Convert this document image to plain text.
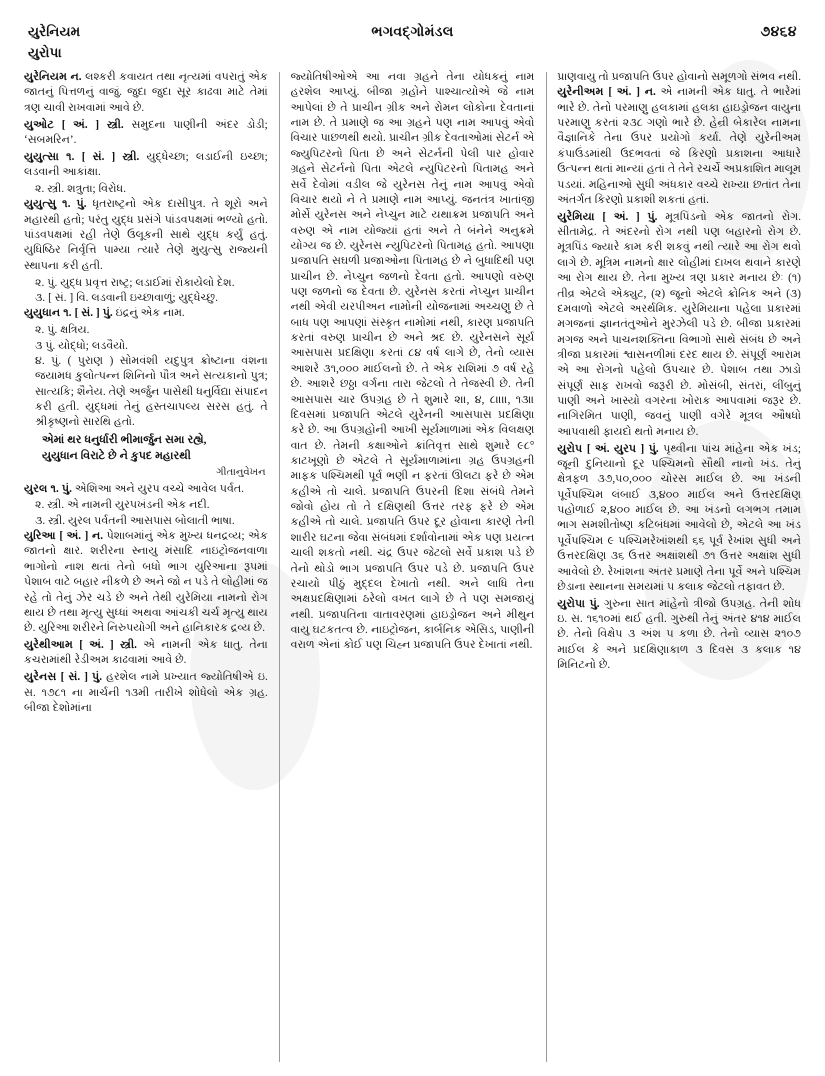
યુરેનિયમ
યુરોપા
ભગવદ્ગોમંડલ	૭૪૬૪

યુરેનિયમ ન. લશ્કરી કવાયત તથા નૃત્યમાં વપરાતું એક જાતનું પિત્તળનું વાજું. જુદા જુદા સૂર કાઢવા માટે તેમાં ત્રણ ચાવી રાખવામાં આવે છે.

યુઓટ [ અં. ] સ્ત્રી. સમુદના પાણીની અંદર ડોડી; ‘સબમરિન’.

યુયુત્સા ૧. [ સં. ] સ્ત્રી. યુદ્ધેચ્છા; લડાઈની ઇચ્છા; લડવાની આકાંક્ષા.

૨. સ્ત્રી. શત્રુતા; વિરોધ.

યુયુત્સુ ૧. પું. ધૃતરાષ્ટ્રનો એક દાસીપુત્ર. તે શૂરો અને મહારથી હતો; પરંતુ યુદ્ધ પ્રસંગે પાંડવપક્ષમાં ભળ્યો હતો. પાંડવપક્ષમાં રહી તેણે ઉલૂકની સાથે યુદ્ધ કર્યું હતું. યુધિષ્ઠિર નિર્વૃત્તિ પામ્યા ત્યારે તેણે મુયુત્સુ રાજ્યની સ્થાપના કરી હતી.

૨. પું. યુદ્ધ પ્રવૃત્ત રાષ્ટ્ર; લડાઈમાં રોકાયેલો દેશ.

૩. [ સં. ] વિ. લડવાની ઇચ્છાવાળું; યુદ્ધેચ્છુ.

યુયુધાન ૧. [ સં. ] પું. ઇંદ્રનું એક નામ.

૨. પું. ક્ષત્રિય.

૩ પું. યોદ્ધો; લડવૈયો.

૪. પું. ( પુરાણ ) સોમવંશી યદુપુત્ર ક્રોષ્ટાના વંશના જયામધ કુલોત્પન્ન શિનિનો પૌત્ર અને સત્યકાનો પુત્ર; સાત્યકિ; શૈનેય. તેણે અર્જુન પાસેથી ધનુર્વિદ્યા સંપાદન કરી હતી. યુદ્ધમાં તેનું હસ્તચાપલ્ય સરસ હતું. તે શ્રીકૃષ્ણનો સારથિ હતો.

એમાં થર ધનુર્ધારી ભીમાર્જુન સમા રહ્યે,
યુયુધાન વિરાટે છે ને કુપદ મહારથી
ગીતાનુવેખન

યુરલ ૧. પું. એશિઆ અને યુરપ વચ્ચે આવેલ પર્વત.

૨. સ્ત્રી. એ નામની યુરપખંડની એક નદી.

૩. સ્ત્રી. યુરલ પર્વતની આસપાસ બોલાતી ભાષા.

યુરિઆ [ અં. ] ન. પેશાબમાંનું એક મુખ્ય ધનદ્રવ્ય; એક જાતનો ક્ષાર. શરીરના સ્નાયુ મંસાદિ નાઇટ્રોજનવાળા ભાગોનો નાશ થતાં તેનો બધો ભાગ યુરિઆના રૂપમાં પેશાબ વાટે બહાર નીકળે છે અને જો ન પડે તે લોહીમાં જ રહે તો તેનું ઝેર ચડે છે અને તેથી યુરેમિયા નામનો રોગ થાય છે તથા મૃત્યુ સુધ્ધાં અથવા આંચકી ચર્ચ મૃત્યુ થાય છે. યુરિઆ શરીરને નિરુપયોગી અને હાનિકારક દ્રવ્ય છે.

યુરેથીઆમ [ અં. ] સ્ત્રી. એ નામની એક ધાતુ. તેના કચરામાંથી રેડીઅમ કાઢવામાં આવે છે.

યુરેનસ [ સં. ] પું. હરશેલ નામે પ્રખ્યાત જ્યોતિષીએ ઇ. સ. ૧૭૮૧ ના માર્ચની ૧૩મી તારીખે શોધેલો એક ગ્રહ. બીજા દેશોમાંના

જ્યોતિષીઓએ આ નવા ગ્રહને તેના યોધકનું નામ હરશેલ આપ્યું. બીજા ગ્રહોને પાશ્ચાત્યોએ જે નામ આપેલાં છે તે પ્રાચીન ગ્રીક અને રોમન લોકોના દેવતાનાં નામ છે. તે પ્રમાણે જ આ ગ્રહને પણ નામ આપવું એવો વિચાર પાછળથી થયો. પ્રાચીન ગ્રીક દેવતાઓમાં સેટર્ન એ જ્યુપિટરનો પિતા છે અને સેટર્નની પેલી પાર હોવાર ગ્રહને સેટર્નનો પિતા એટલે ન્યુપિટરનો પિતામહ અને સર્વે દેવોમાં વડીલ જે યુરેનસ તેનું નામ આપવું એવો વિચાર થયો ને તે પ્રમાણે નામ આપ્યું. જનતંત્ર ખાતાંજી મોર્સે યુરેનસ અને નેપ્ચુન માટે યથાક્રમ પ્રજાપતિ અને વરુણ એ નામ યોજ્યાં હતાં અને તે બંનેને અનુક્રમે યોગ્ય જ છે. યુરેનસ ન્યુપિટરનો પિતામહ હતો. આપણા પ્રજાપતિ સઘળી પ્રજાઓના પિતામહ છે ને બુધાદિથી પણ પ્રાચીન છે. નેપ્ચુન જળનો દેવતા હતો. આપણો વરુણ પણ જળનો જ દેવતા છે. યુરેનસ કરતાં નેપ્ચુન પ્રાચીન નથી એવી યરપીઅન નામોની યોજનામાં અચ્ચણુ છે તે બાધ પણ આપણાં સંસ્કૃત નામોમાં નથી, કારણ પ્રજાપતિ કરતાં વરુણ પ્રાચીન છે અને શ્રદ છે. યુરેનસને સૂર્ય આસપાસ પ્રદક્ષિણા કરતાં ૮૪ વર્ષ લાગે છે, તેનો વ્યાસ આશરે ૩૧,૦૦૦ માઈલનો છે. તે એક રાશિમાં ૭ વર્ષ રહે છે. આશરે છઠ્ઠા વર્ગના તારા જેટલો તે તેજસ્વી છે. તેની આસપાસ ચાર ઉપગ્રહ છે તે શુમારે ૨॥, ૪, ૮॥॥, ૧૩॥ દિવસમાં પ્રજાપતિ એટલે યુરેનની આસપાસ પ્રદક્ષિણા કરે છે. આ ઉપગ્રહોની આખી સૂર્યમાળામાં એક વિલક્ષણ વાત છે. તેમની કક્ષાઓને ક્રાંતિવૃત્ત સાથે શુમારે ૯૮° કાટખૂણો છે એટલે તે સૂર્યમાળામાંના ગ્રહ ઉપગ્રહની માફક પશ્ચિમથી પૂર્વ ભણી ન ફરતાં ઊલટા ફરે છે એમ કહીએ તો ચાલે. પ્રજાપતિ ઉપરની દિશા સંબંધે તેમને જોવો હોય તો તે દક્ષિણથી ઉત્તર તરફ ફરે છે એમ કહીએ તો ચાલે. પ્રજાપતિ ઉપર દૂર હોવાના કારણે તેની શારીર ઘટના જેવા સંબંધમાં દર્શાવોનામાં એક પણ પ્રયત્ન ચાલી શકતો નથી. ચંદ્ર ઉપર જેટલો સર્વે પ્રકાશ પડે છે તેનો થોડો ભાગ પ્રજાપતિ ઉપર પડે છે. પ્રજાપતિ ઉપર રચાયો પીઠું મુદ્દલ દેખાતો નથી. અને લાધિ તેના અક્ષપ્રદક્ષિણામાં ઠરેલો વખત લાગે છે તે પણ સમજાયું નથી. પ્રજાપતિના વાતાવરણમાં હાઇડ્રોજન અને મીથુન વાયુ ઘટકતત્વ છે. નાઇટ્રોજન, કાર્બનિક એસિડ, પાણીની વરાળ એનાં કોઈ પણ ચિહ્ન પ્રજાપતિ ઉપર દેખાતાં નથી.

પ્રાણવાયુ તો પ્રજાપતિ ઉપર હોવાનો સમૂળગો સંભવ નથી.

યુરેનીઅમ [ અં. ] ન. એ નામની એક ધાતુ. તે ભારેમાં ભારે છે. તેનો પરમાણુ હલકામાં હલકા હાઇડ્રોજન વાયુના પરમાણુ કરતાં ૨૩૮ ગણો ભારે છે. હેન્રી બેકારેલ નામના વૈજ્ઞાનિકે તેના ઉપર પ્રયોગો કર્યા. તેણે યુરેનીઅમ કંપાઉંડમાંથી ઉદભવતાં જે કિરણો પ્રકાશના આધારે ઉત્પન્ન થતાં માન્યાં હતાં તે તેને રચર્ચે અપ્રકાશિત માલૂમ પડયાં. મહિનાઓ સુધી અંધકાર વચ્ચે રાખ્યા છતાંત તેના અંતર્ગત કિરણો પ્રકાશી શકતાં હતાં.

યુરેમિયા [ અં. ] પું. મૂત્રપિંડનો એક જાતનો રોગ. સીતામેદ્ર. તે અંદરનો રોગ નથી પણ બહારનો રોગ છે. મૂત્રપિંડ જ્યારે કામ કરી શકવું નથી ત્યારે આ રોગ થવો લાગે છે. મૂત્રિમ નામનો ક્ષાર લોહીમાં દાખલ થવાને કારણે આ રોગ થાય છે. તેના મુખ્ય ત્રણ પ્રકાર મનાય છેઃ (૧) તીવ્ર એટલે એક્યુટ, (૨) જૂનો એટલે ક્રોનિક અને (૩) દમવાળો એટલે અરર્થમિક. યુરેમિયાના પહેલા પ્રકારમાં મગજનાં જ્ઞાનતંતુઓને મુરઝેલી પડે છે. બીજા પ્રકારમાં મગજ અને પાચનશક્તિના વિભાગો સાથે સંબંધ છે અને ત્રીજા પ્રકારમાં શ્વાસનળીમાં દરદ થાય છે. સંપૂર્ણ આરામ એ આ રોગનો પહેલો ઉપચાર છે. પેશાબ તથા ઝાડો સંપૂર્ણ સાફ રાખવો જરૂરી છે. મોસંબી, સંતરાં, લીંબુનું પાણી અને ખાસ્યો વગરના ખોરાક આપવામાં જરૂર છે. નાગિરમિત પાણી, જવનું પાણી વગેરે મૂત્રલ ઔષધો આપવાથી ફાયદો થતો મનાય છે.

યુરોપ [ અં. યુરપ ] પું. પૃથ્વીના પાંચ માંહેના એક ખંડ; જૂની દુનિયાનો દૂર પશ્ચિમનો સૌથી નાનો ખંડ. તેનું ક્ષેત્રફળ ૩૭,૫૦,૦૦૦ ચોરસ માઈલ છે. આ ખંડની પૂર્વેપશ્ચિમ લંબાઈ ૩,૪૦૦ માઈલ અને ઉત્તરદક્ષિણ પહોળાઈ ૨,૪૦૦ માઈલ છે. આ ખંડનો લગભગ તમામ ભાગ સમશીતોષ્ણ કટિબંધમાં આવેલો છે, એટલે આ ખંડ પૂર્વેપશ્ચિમ ૯ પશ્ચિમરેખાંશથી ૬૬ પૂર્વ રેખાંશ સુધી અને ઉત્તરદક્ષિણ ૩૬ ઉત્તર અક્ષાંશથી ૭૧ ઉત્તર અક્ષાંશ સુધી આવેલો છે. રેખાંશના અંતર પ્રમાણે તેના પૂર્વે અને પશ્ચિમ છેડાના સ્થાનના સમયમાં ૫ કલાક જેટલો તફાવત છે.

યુરોપા પું. ગુરુના સાત માંહેનો ત્રીજો ઉપગ્રહ. તેની શોધ ઇ. સ. ૧૬૧૦માં થઈ હતી. ગુરુથી તેનું અંતર ૪૧૪ માઈલ છે. તેનો વિક્ષેપ ૩ અંશ ૫ કળા છે. તેનો વ્યાસ ૨૧૦૭ માઈલ કે અને પ્રદક્ષિણાકાળ ૩ દિવસ ૩ કલાક ૧૪ મિનિટનો છે.
